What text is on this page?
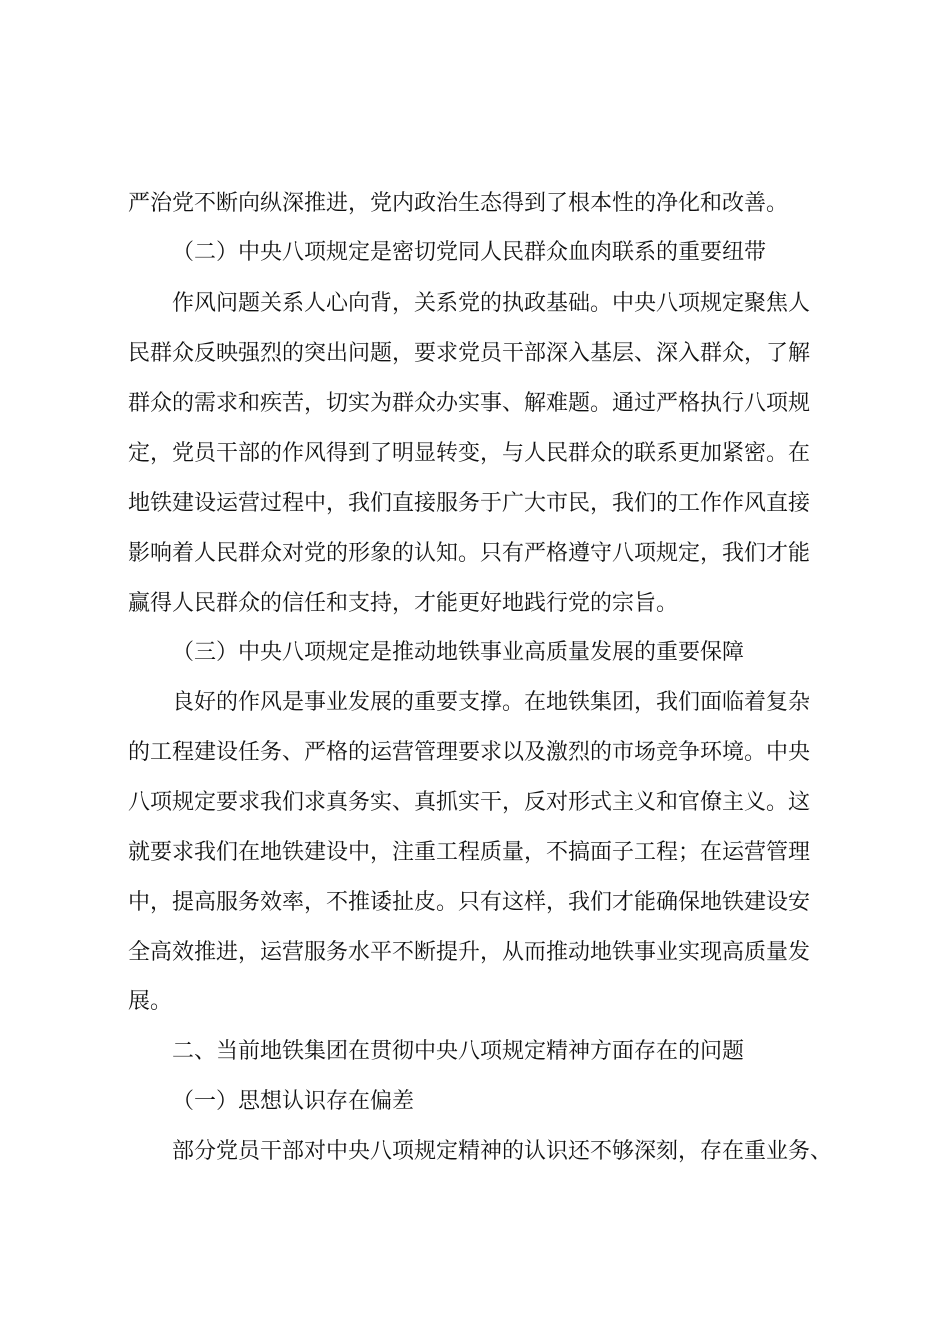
严治党不断向纵深推进，党内政治生态得到了根本性的净化和改善。
（二）中央八项规定是密切党同人民群众血肉联系的重要纽带
作风问题关系人心向背，关系党的执政基础。中央八项规定聚焦人
民群众反映强烈的突出问题，要求党员干部深入基层、深入群众，了解
群众的需求和疾苦，切实为群众办实事、解难题。通过严格执行八项规
定，党员干部的作风得到了明显转变，与人民群众的联系更加紧密。在
地铁建设运营过程中，我们直接服务于广大市民，我们的工作作风直接
影响着人民群众对党的形象的认知。只有严格遵守八项规定，我们才能
赢得人民群众的信任和支持，才能更好地践行党的宗旨。
（三）中央八项规定是推动地铁事业高质量发展的重要保障
良好的作风是事业发展的重要支撑。在地铁集团，我们面临着复杂
的工程建设任务、严格的运营管理要求以及激烈的市场竞争环境。中央
八项规定要求我们求真务实、真抓实干，反对形式主义和官僚主义。这
就要求我们在地铁建设中，注重工程质量，不搞面子工程；在运营管理
中，提高服务效率，不推诿扯皮。只有这样，我们才能确保地铁建设安
全高效推进，运营服务水平不断提升，从而推动地铁事业实现高质量发
展。
二、当前地铁集团在贯彻中央八项规定精神方面存在的问题
（一）思想认识存在偏差
部分党员干部对中央八项规定精神的认识还不够深刻，存在重业务、
